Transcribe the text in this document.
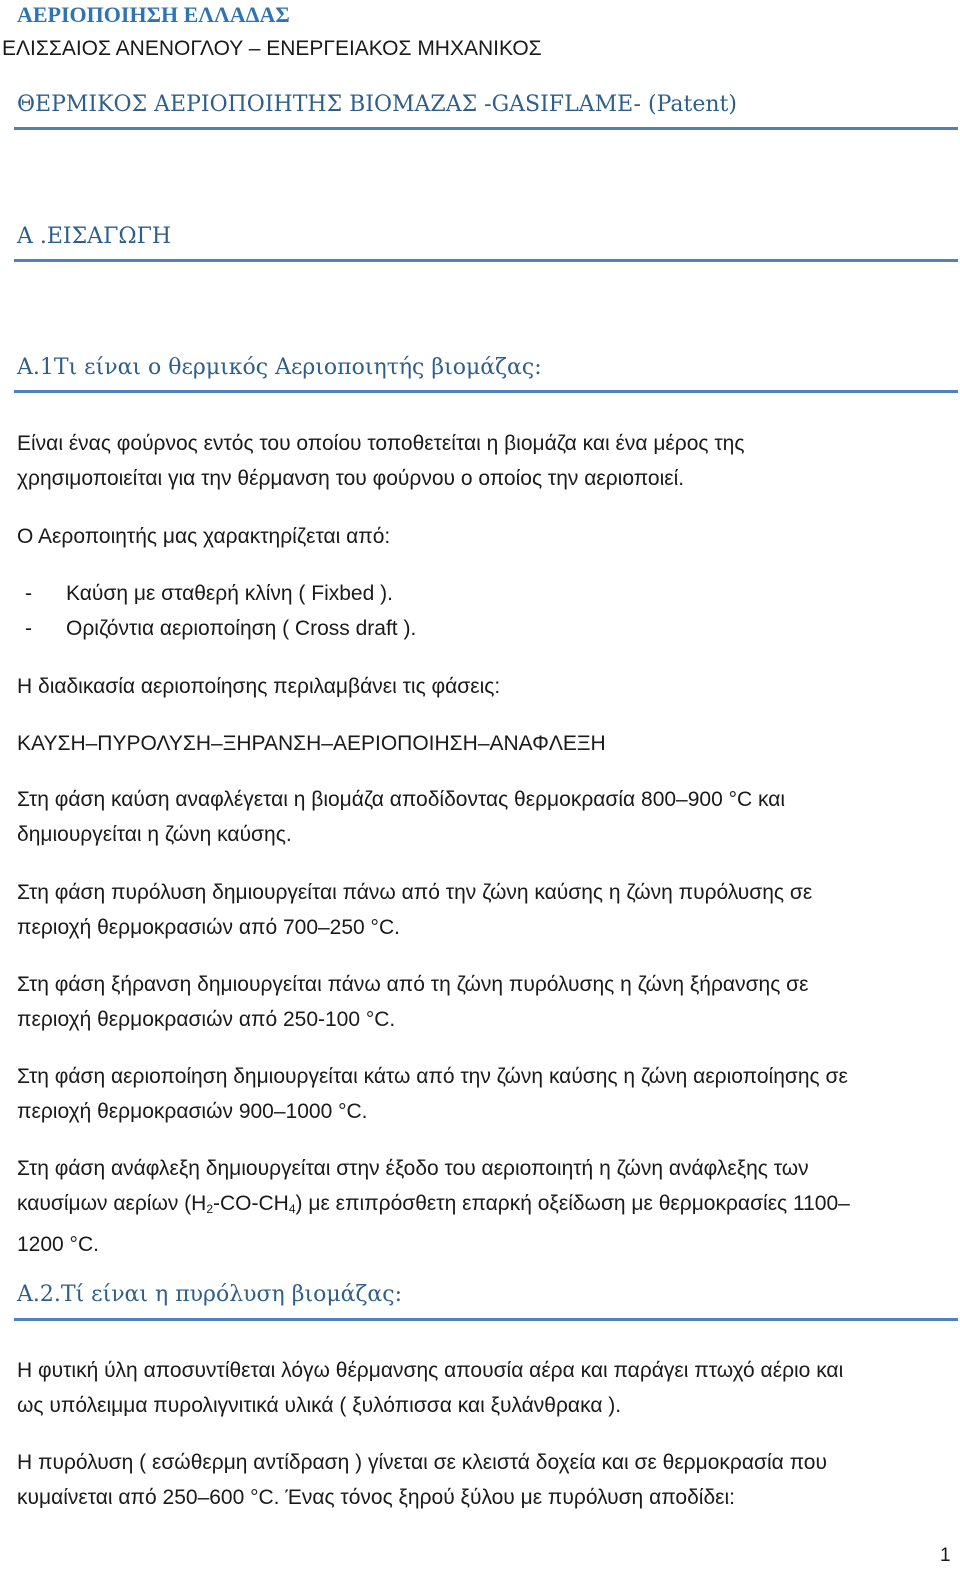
ΑΕΡΙΟΠΟΙΗΣΗ ΕΛΛΑΔΑΣ
ΕΛΙΣΣΑΙΟΣ ΑΝΕΝΟΓΛΟΥ – ΕΝΕΡΓΕΙΑΚΟΣ ΜΗΧΑΝΙΚΟΣ
ΘΕΡΜΙΚΟΣ ΑΕΡΙΟΠΟΙΗΤΗΣ ΒΙΟΜΑΖΑΣ -GASIFLAME- (Patent)
Α .ΕΙΣΑΓΩΓΗ
Α.1Τι είναι ο θερμικός Αεριοποιητής βιομάζας:
Είναι ένας φούρνος εντός του οποίου τοποθετείται η βιομάζα και ένα μέρος της
χρησιμοποιείται για την θέρμανση του φούρνου ο οποίος την αεριοποιεί.
Ο Αεροποιητής μας χαρακτηρίζεται από:
- Καύση με σταθερή κλίνη ( Fixbed ).
- Οριζόντια αεριοποίηση ( Cross draft ).
Η διαδικασία αεριοποίησης περιλαμβάνει τις φάσεις:
ΚΑΥΣΗ–ΠΥΡΟΛΥΣΗ–ΞΗΡΑΝΣΗ–ΑΕΡΙΟΠΟΙΗΣΗ–ΑΝΑΦΛΕΞΗ
Στη φάση καύση αναφλέγεται η βιομάζα αποδίδοντας θερμοκρασία 800–900 °C και
δημιουργείται η ζώνη καύσης.
Στη φάση πυρόλυση δημιουργείται πάνω από την ζώνη καύσης η ζώνη πυρόλυσης σε
περιοχή θερμοκρασιών από 700–250 °C.
Στη φάση ξήρανση δημιουργείται πάνω από τη ζώνη πυρόλυσης η ζώνη ξήρανσης σε
περιοχή θερμοκρασιών από 250-100 °C.
Στη φάση αεριοποίηση δημιουργείται κάτω από την ζώνη καύσης η ζώνη αεριοποίησης σε
περιοχή θερμοκρασιών 900–1000 °C.
Στη φάση ανάφλεξη δημιουργείται στην έξοδο του αεριοποιητή η ζώνη ανάφλεξης των
καυσίμων αερίων $(H_2-CO-CH_4)$ με επιπρόσθετη επαρκή οξείδωση με θερμοκρασίες 1100–
1200 °C.
Α.2.Τί είναι η πυρόλυση βιομάζας:
Η φυτική ύλη αποσυντίθεται λόγω θέρμανσης απουσία αέρα και παράγει πτωχό αέριο και
ως υπόλειμμα πυρολιγνιτικά υλικά ( ξυλόπισσα και ξυλάνθρακα ).
Η πυρόλυση ( εσώθερμη αντίδραση ) γίνεται σε κλειστά δοχεία και σε θερμοκρασία που
κυμαίνεται από 250–600 °C. Ένας τόνος ξηρού ξύλου με πυρόλυση αποδίδει:
1
